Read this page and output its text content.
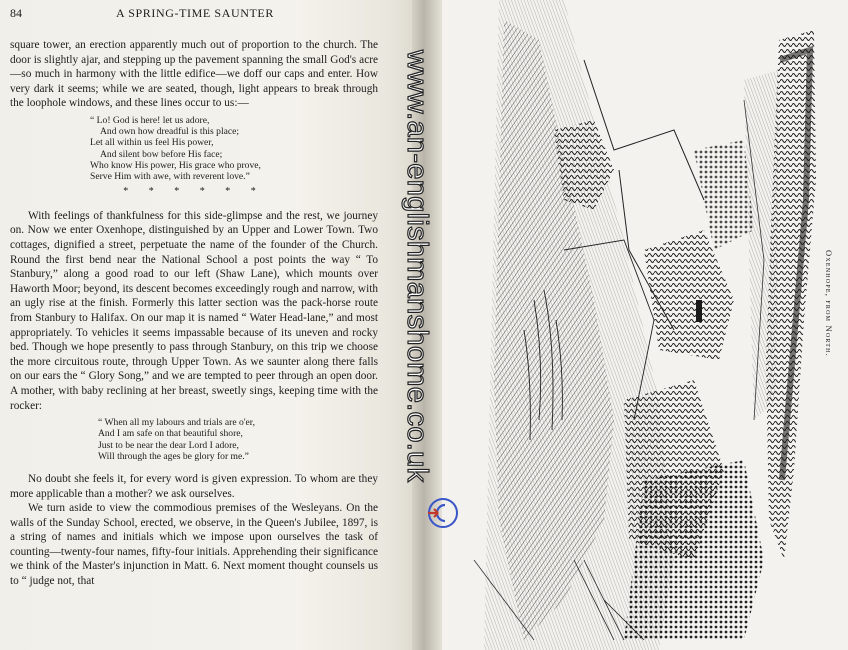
84	A SPRING-TIME SAUNTER

square tower, an erection apparently much out of proportion to the church. The door is slightly ajar, and stepping up the pavement spanning the small God's acre—so much in harmony with the little edifice—we doff our caps and enter. How very dark it seems; while we are seated, though, light appears to break through the loophole windows, and these lines occur to us:—

“ Lo! God is here! let us adore,
And own how dreadful is this place;
Let all within us feel His power,
And silent bow before His face;
Who know His power, His grace who prove,
Serve Him with awe, with reverent love.”
* * * * * *

With feelings of thankfulness for this side-glimpse and the rest, we journey on. Now we enter Oxenhope, distinguished by an Upper and Lower Town. Two cottages, dignified a street, perpetuate the name of the founder of the Church. Round the first bend near the National School a post points the way “ To Stanbury,” along a good road to our left (Shaw Lane), which mounts over Haworth Moor; beyond, its descent becomes exceedingly rough and narrow, with an ugly rise at the finish. Formerly this latter section was the pack-horse route from Stanbury to Halifax. On our map it is named “ Water Head-lane,” and most appropriately. To vehicles it seems impassable because of its uneven and rocky bed. Though we hope presently to pass through Stanbury, on this trip we choose the more circuitous route, through Upper Town. As we saunter along there falls on our ears the “ Glory Song,” and we are tempted to peer through an open door. A mother, with baby reclining at her breast, sweetly sings, keeping time with the rocker:

“ When all my labours and trials are o'er,
And I am safe on that beautiful shore,
Just to be near the dear Lord I adore,
Will through the ages be glory for me.”

No doubt she feels it, for every word is given expression. To whom are they more applicable than a mother? we ask ourselves.

We turn aside to view the commodious premises of the Wesleyans. On the walls of the Sunday School, erected, we observe, in the Queen's Jubilee, 1897, is a string of names and initials which we impose upon ourselves the task of counting—twenty-four names, fifty-four initials. Apprehending their significance we think of the Master's injunction in Matt. 6. Next moment thought counsels us to “ judge not, that

Oxenhope, from North.
www.an-englishmanshome.co.uk
